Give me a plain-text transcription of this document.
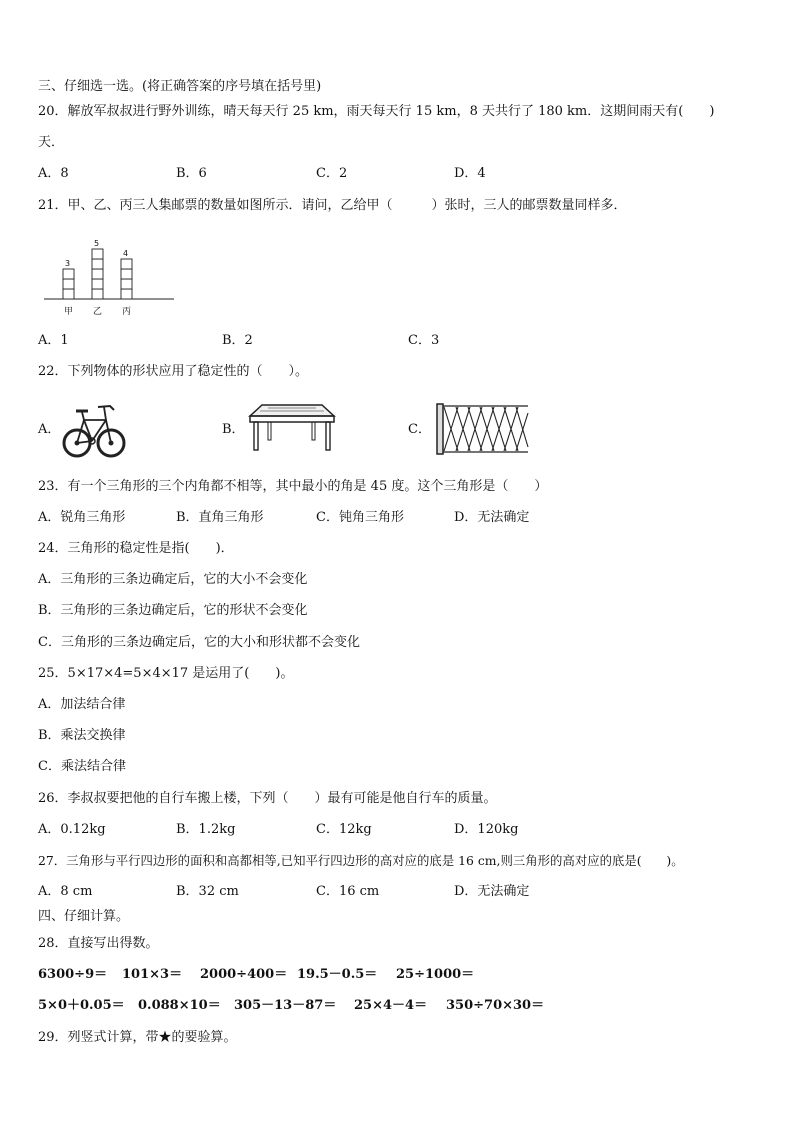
三、仔细选一选。(将正确答案的序号填在括号里)
20．解放军叔叔进行野外训练，晴天每天行 25 km，雨天每天行 15 km，8 天共行了 180 km．这期间雨天有(　　)
天．
A．8	B．6	C．2	D．4
21．甲、乙、丙三人集邮票的数量如图所示．请问，乙给甲（　　　）张时，三人的邮票数量同样多．
3
5
4
甲 乙 丙
A．1	B．2	C．3
22．下列物体的形状应用了稳定性的（　　）。
A．	B．	C．
23．有一个三角形的三个内角都不相等，其中最小的角是 45 度。这个三角形是（　　）
A．锐角三角形	B．直角三角形	C．钝角三角形	D．无法确定
24．三角形的稳定性是指(　　)．
A．三角形的三条边确定后，它的大小不会变化
B．三角形的三条边确定后，它的形状不会变化
C．三角形的三条边确定后，它的大小和形状都不会变化
25．5×17×4=5×4×17 是运用了(　　)。
A．加法结合律
B．乘法交换律
C．乘法结合律
26．李叔叔要把他的自行车搬上楼，下列（　　）最有可能是他自行车的质量。
A．0.12kg	B．1.2kg	C．12kg	D．120kg
27．三角形与平行四边形的面积和高都相等,已知平行四边形的高对应的底是 16 cm,则三角形的高对应的底是(　　)。
A．8 cm	B．32 cm	C．16 cm	D．无法确定
四、仔细计算。
28．直接写出得数。
6300÷9＝ 101×3＝ 2000÷400＝ 19.5－0.5＝ 25÷1000＝
5×0＋0.05＝ 0.088×10＝ 305－13－87＝ 25×4－4＝ 350÷70×30＝
29．列竖式计算，带★的要验算。
